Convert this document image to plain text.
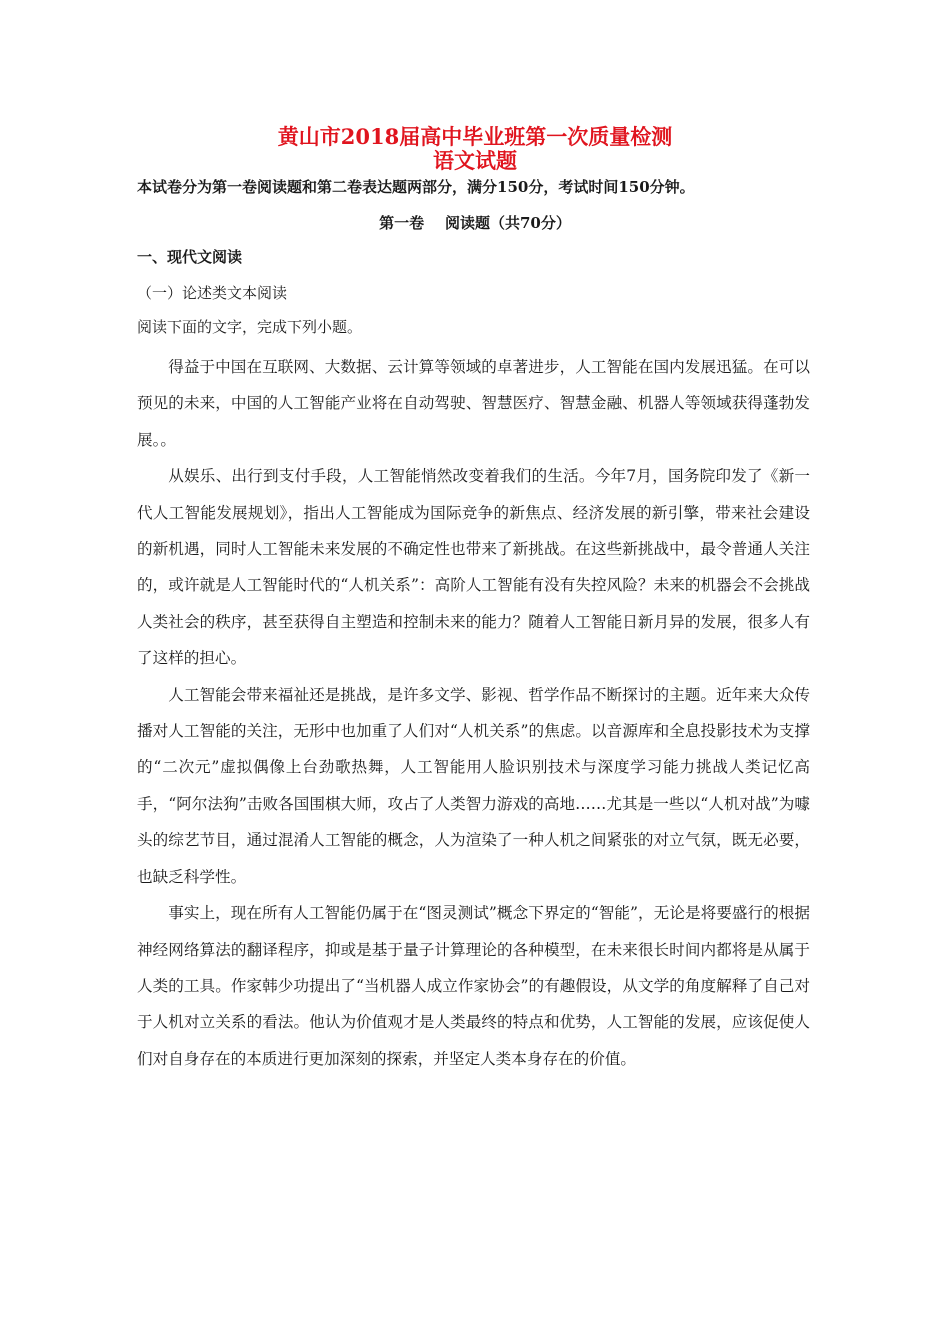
黄山市2018届高中毕业班第一次质量检测
语文试题
本试卷分为第一卷阅读题和第二卷表达题两部分，满分150分，考试时间150分钟。
第一卷    阅读题（共70分）
一、现代文阅读
（一）论述类文本阅读
阅读下面的文字，完成下列小题。

得益于中国在互联网、大数据、云计算等领域的卓著进步，人工智能在国内发展迅猛。在可以预见的未来，中国的人工智能产业将在自动驾驶、智慧医疗、智慧金融、机器人等领域获得蓬勃发展。。

从娱乐、出行到支付手段，人工智能悄然改变着我们的生活。今年7月，国务院印发了《新一代人工智能发展规划》，指出人工智能成为国际竞争的新焦点、经济发展的新引擎，带来社会建设的新机遇，同时人工智能未来发展的不确定性也带来了新挑战。在这些新挑战中，最令普通人关注的，或许就是人工智能时代的“人机关系”：高阶人工智能有没有失控风险？未来的机器会不会挑战人类社会的秩序，甚至获得自主塑造和控制未来的能力？随着人工智能日新月异的发展，很多人有了这样的担心。

人工智能会带来福祉还是挑战，是许多文学、影视、哲学作品不断探讨的主题。近年来大众传播对人工智能的关注，无形中也加重了人们对“人机关系”的焦虑。以音源库和全息投影技术为支撑的“二次元”虚拟偶像上台劲歌热舞，人工智能用人脸识别技术与深度学习能力挑战人类记忆高手，“阿尔法狗”击败各国围棋大师，攻占了人类智力游戏的高地……尤其是一些以“人机对战”为噱头的综艺节目，通过混淆人工智能的概念，人为渲染了一种人机之间紧张的对立气氛，既无必要，也缺乏科学性。

事实上，现在所有人工智能仍属于在“图灵测试”概念下界定的“智能”，无论是将要盛行的根据神经网络算法的翻译程序，抑或是基于量子计算理论的各种模型，在未来很长时间内都将是从属于人类的工具。作家韩少功提出了“当机器人成立作家协会”的有趣假设，从文学的角度解释了自己对于人机对立关系的看法。他认为价值观才是人类最终的特点和优势，人工智能的发展，应该促使人们对自身存在的本质进行更加深刻的探索，并坚定人类本身存在的价值。
